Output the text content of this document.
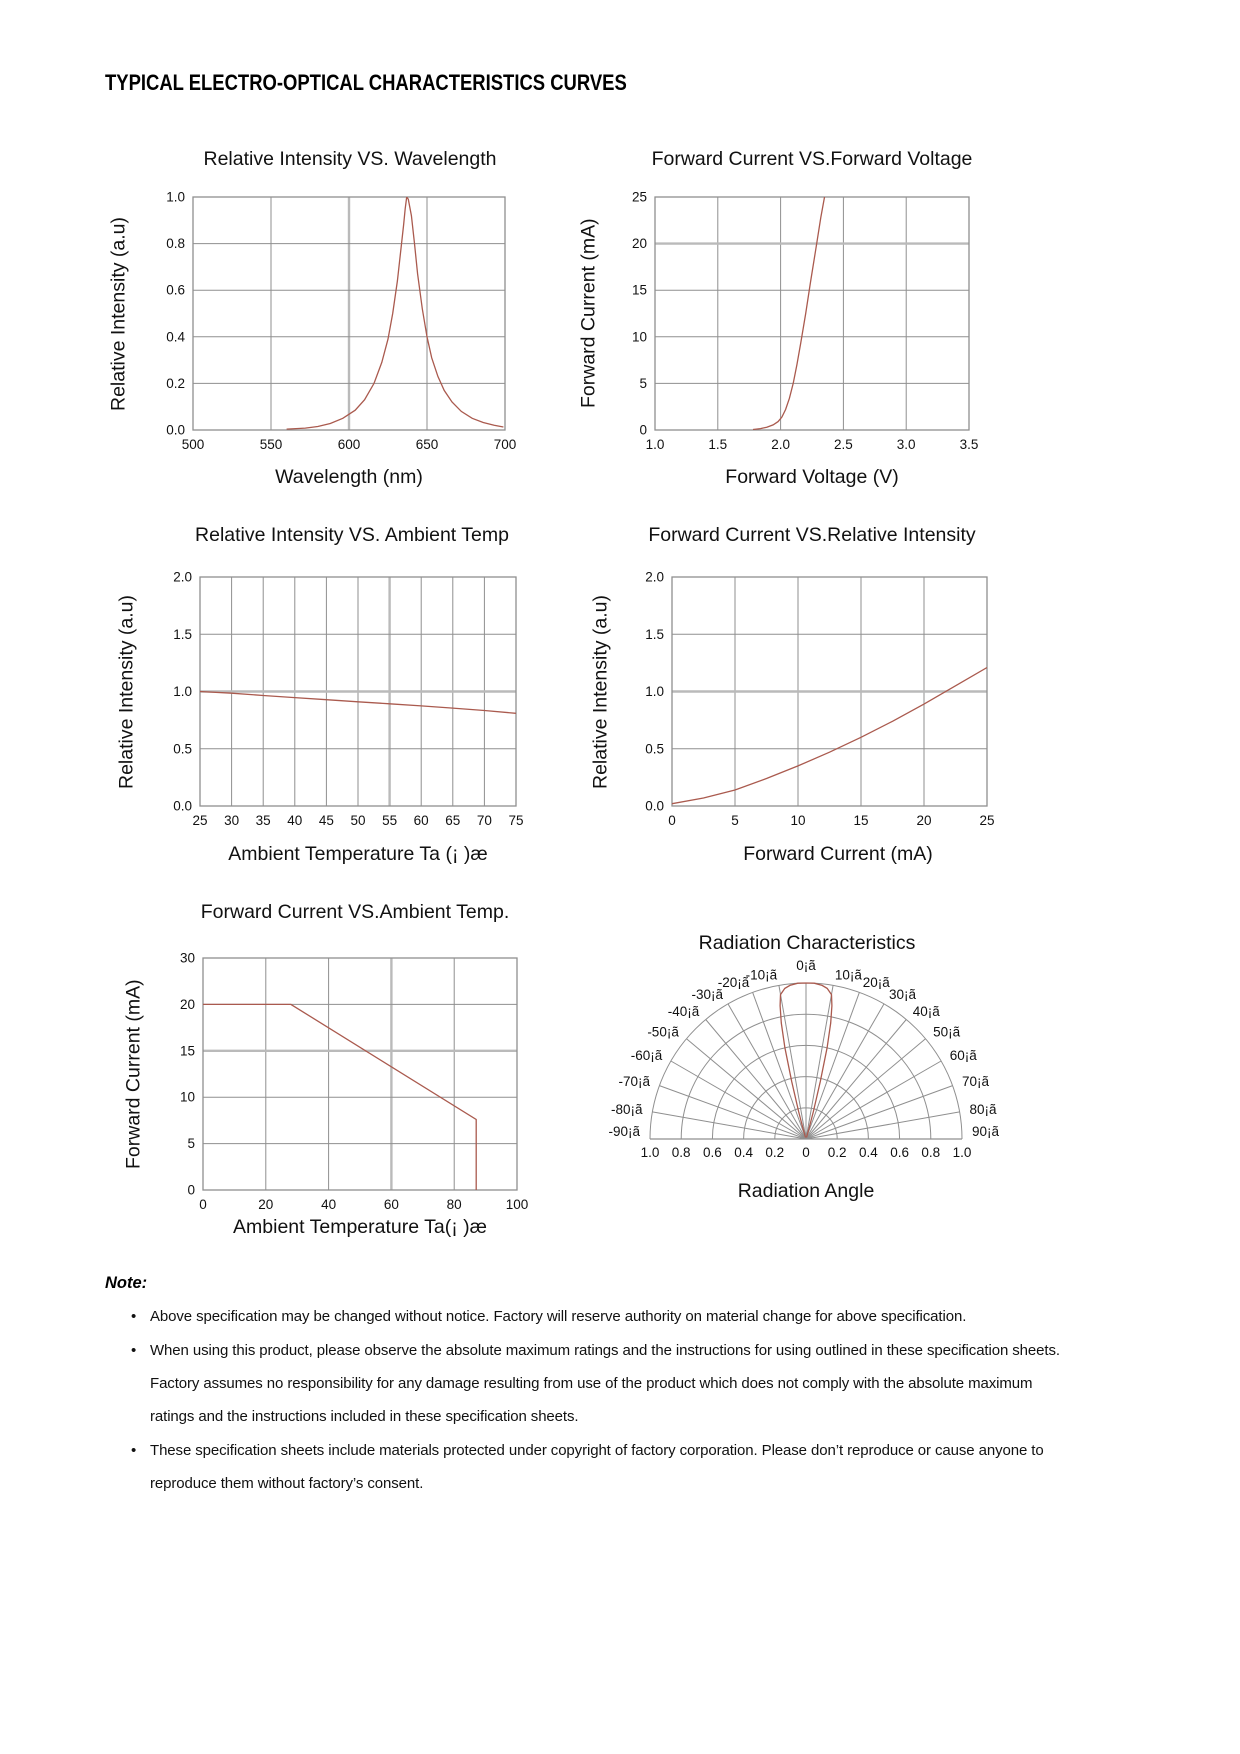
TYPICAL ELECTRO-OPTICAL CHARACTERISTICS CURVES
Relative Intensity VS. Wavelength
Relative Intensity (a.u)
Wavelength (nm)
500	550	600	650	700
0.0
0.2
0.4
0.6
0.8
1.0
Forward Current VS.Forward Voltage
Forward Current (mA)
Forward Voltage (V)
1.0	1.5	2.0	2.5	3.0	3.5
0
5
10
15
20
25
Relative Intensity VS. Ambient Temp
Relative Intensity (a.u)
Ambient Temperature Ta (¡ )æ
25 30 35 40 45 50 55 60 65 70 75
0.0
0.5
1.0
1.5
2.0
Forward Current VS.Relative Intensity
Relative Intensity (a.u)
Forward Current (mA)
0	5	10	15	20	25
0.0
0.5
1.0
1.5
2.0
Forward Current VS.Ambient Temp.
Forward Current (mA)
Ambient Temperature Ta(¡ )æ
0	20	40	60	80	100
0
5
10
15
20
30
Radiation Characteristics
Radiation Angle
-90¡ã
-80¡ã
-70¡ã
-60¡ã
-50¡ã
-40¡ã
-30¡ã
-20¡ã
-10¡ã
0¡ã
10¡ã 20¡ã
30¡ã
40¡ã
50¡ã
60¡ã
70¡ã
80¡ã
90¡ã
1.0 0.8 0.6 0.4 0.2 0 0.2 0.4 0.6 0.8 1.0
Note:
• Above specification may be changed without notice. Factory will reserve authority on material change for above specification.
• When using this product, please observe the absolute maximum ratings and the instructions for using outlined in these specification sheets. Factory assumes no responsibility for any damage resulting from use of the product which does not comply with the absolute maximum ratings and the instructions included in these specification sheets.
• These specification sheets include materials protected under copyright of factory corporation. Please don’t reproduce or cause anyone to reproduce them without factory’s consent.
